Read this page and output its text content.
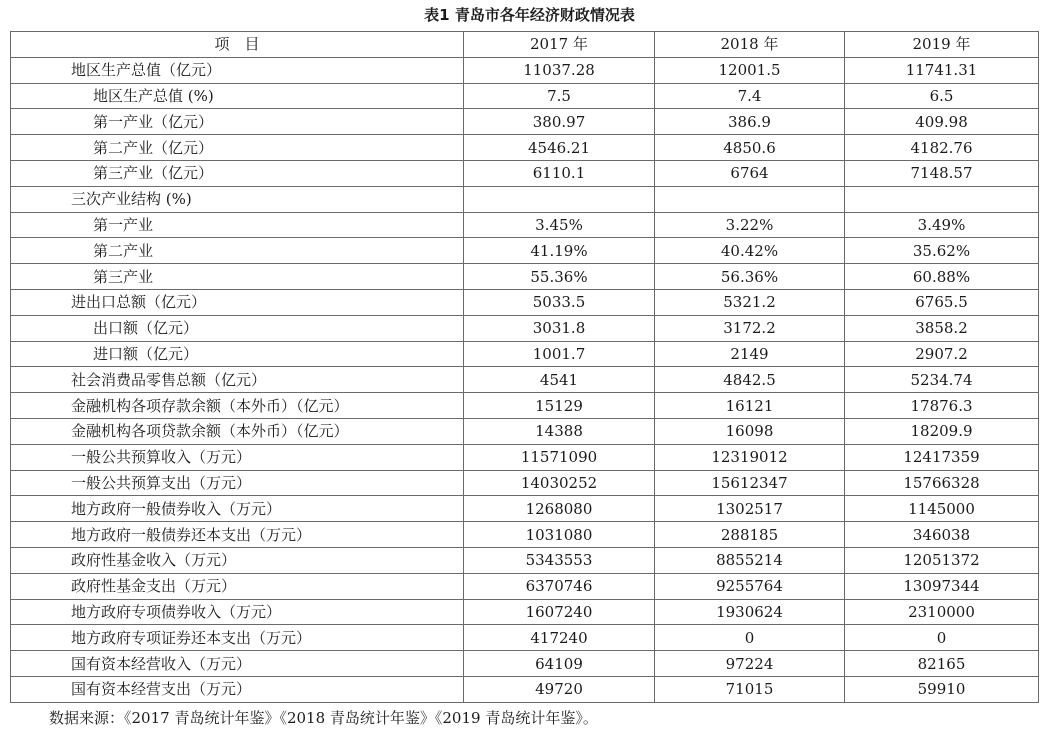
表1 青岛市各年经济财政情况表
项　目	2017 年	2018 年	2019 年
地区生产总值（亿元）	11037.28	12001.5	11741.31
地区生产总值 (%)	7.5	7.4	6.5
第一产业（亿元）	380.97	386.9	409.98
第二产业（亿元）	4546.21	4850.6	4182.76
第三产业（亿元）	6110.1	6764	7148.57
三次产业结构 (%)			
第一产业	3.45%	3.22%	3.49%
第二产业	41.19%	40.42%	35.62%
第三产业	55.36%	56.36%	60.88%
进出口总额（亿元）	5033.5	5321.2	6765.5
出口额（亿元）	3031.8	3172.2	3858.2
进口额（亿元）	1001.7	2149	2907.2
社会消费品零售总额（亿元）	4541	4842.5	5234.74
金融机构各项存款余额（本外币）（亿元）	15129	16121	17876.3
金融机构各项贷款余额（本外币）（亿元）	14388	16098	18209.9
一般公共预算收入（万元）	11571090	12319012	12417359
一般公共预算支出（万元）	14030252	15612347	15766328
地方政府一般债券收入（万元）	1268080	1302517	1145000
地方政府一般债券还本支出（万元）	1031080	288185	346038
政府性基金收入（万元）	5343553	8855214	12051372
政府性基金支出（万元）	6370746	9255764	13097344
地方政府专项债券收入（万元）	1607240	1930624	2310000
地方政府专项证券还本支出（万元）	417240	0	0
国有资本经营收入（万元）	64109	97224	82165
国有资本经营支出（万元）	49720	71015	59910
数据来源：《2017 青岛统计年鉴》《2018 青岛统计年鉴》《2019 青岛统计年鉴》。
